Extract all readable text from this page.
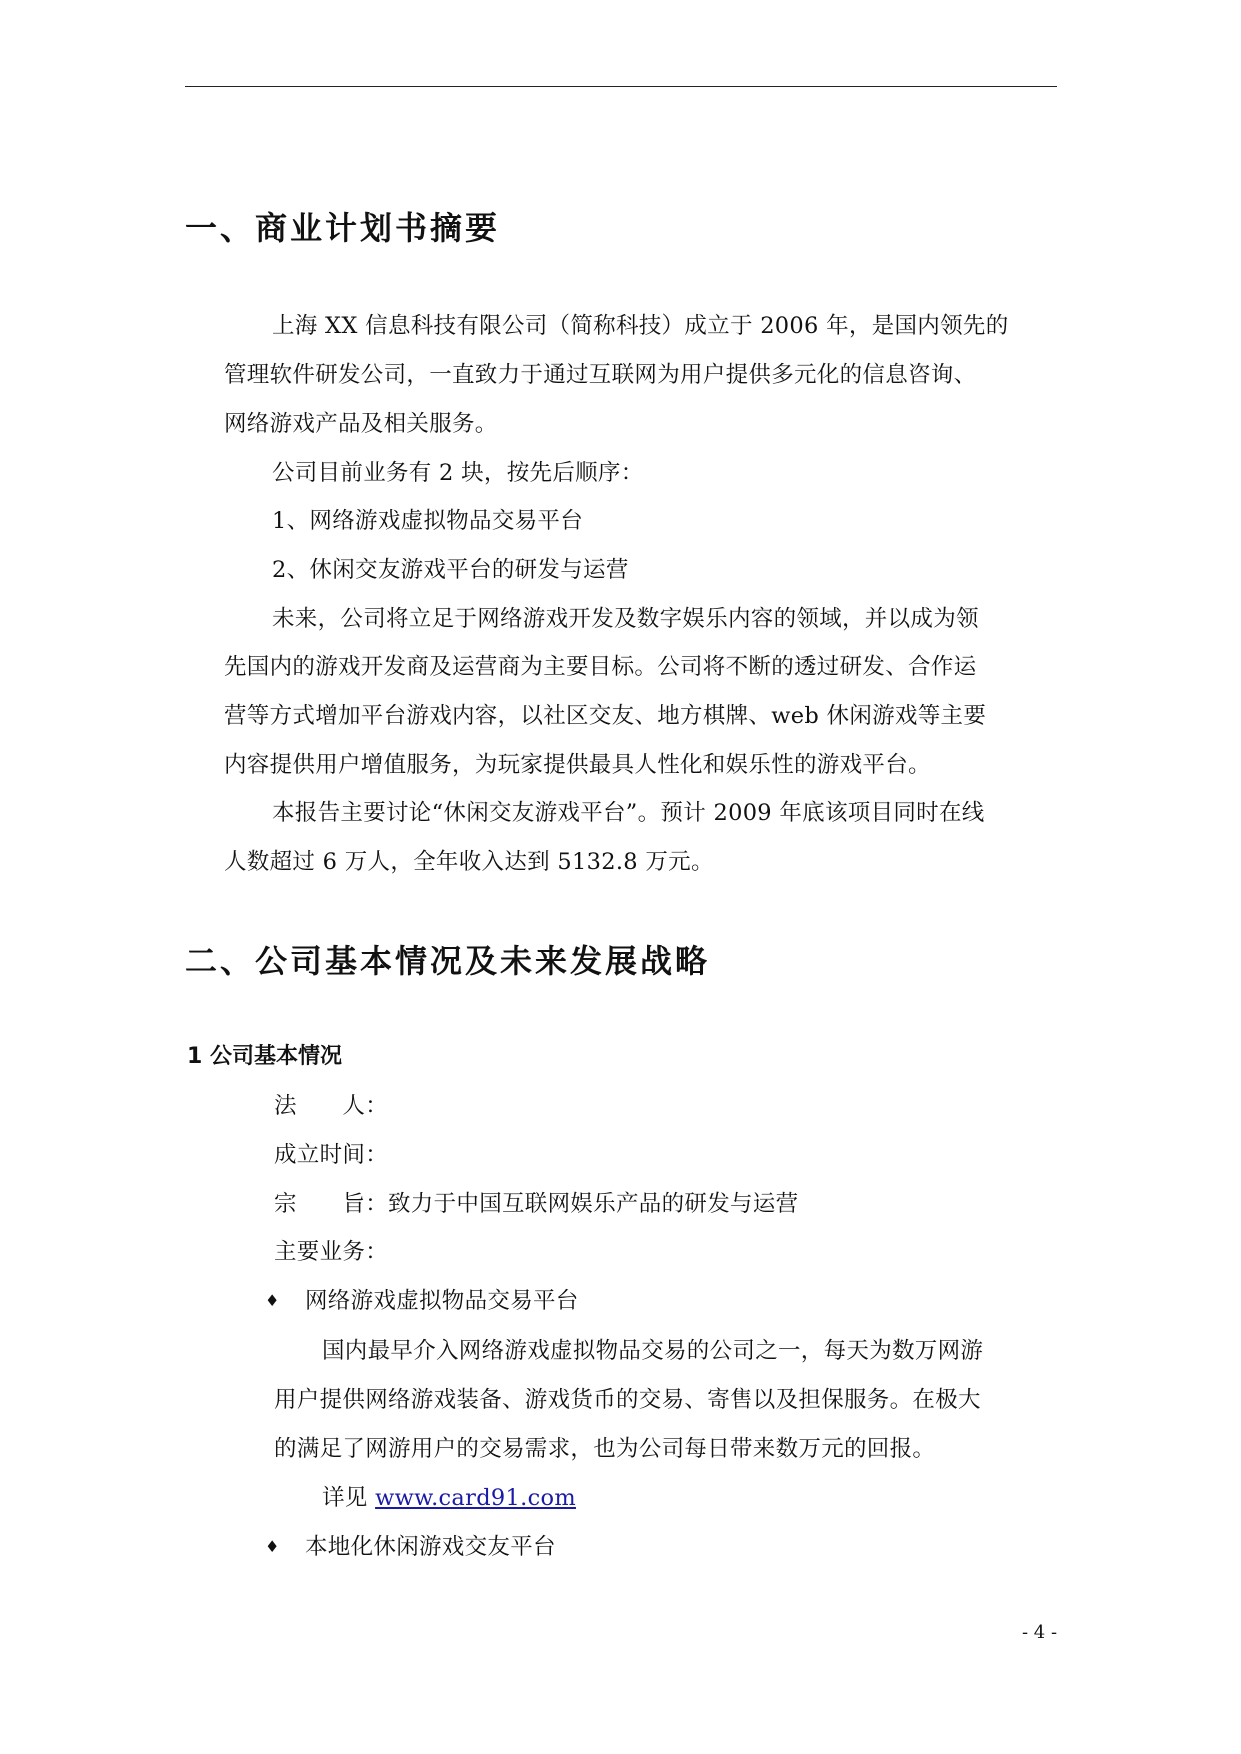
一、商业计划书摘要
上海 XX 信息科技有限公司（简称科技）成立于 2006 年，是国内领先的
管理软件研发公司，一直致力于通过互联网为用户提供多元化的信息咨询、
网络游戏产品及相关服务。
公司目前业务有 2 块，按先后顺序：
1、网络游戏虚拟物品交易平台
2、休闲交友游戏平台的研发与运营
未来，公司将立足于网络游戏开发及数字娱乐内容的领域，并以成为领
先国内的游戏开发商及运营商为主要目标。公司将不断的透过研发、合作运
营等方式增加平台游戏内容，以社区交友、地方棋牌、web 休闲游戏等主要
内容提供用户增值服务，为玩家提供最具人性化和娱乐性的游戏平台。
本报告主要讨论“休闲交友游戏平台”。预计 2009 年底该项目同时在线
人数超过 6 万人，全年收入达到 5132.8 万元。
二、公司基本情况及未来发展战略
1 公司基本情况
法　　人：
成立时间：
宗　　旨：致力于中国互联网娱乐产品的研发与运营
主要业务：
♦ 网络游戏虚拟物品交易平台
国内最早介入网络游戏虚拟物品交易的公司之一，每天为数万网游
用户提供网络游戏装备、游戏货币的交易、寄售以及担保服务。在极大
的满足了网游用户的交易需求，也为公司每日带来数万元的回报。
详见 www.card91.com
♦ 本地化休闲游戏交友平台
- 4 -
